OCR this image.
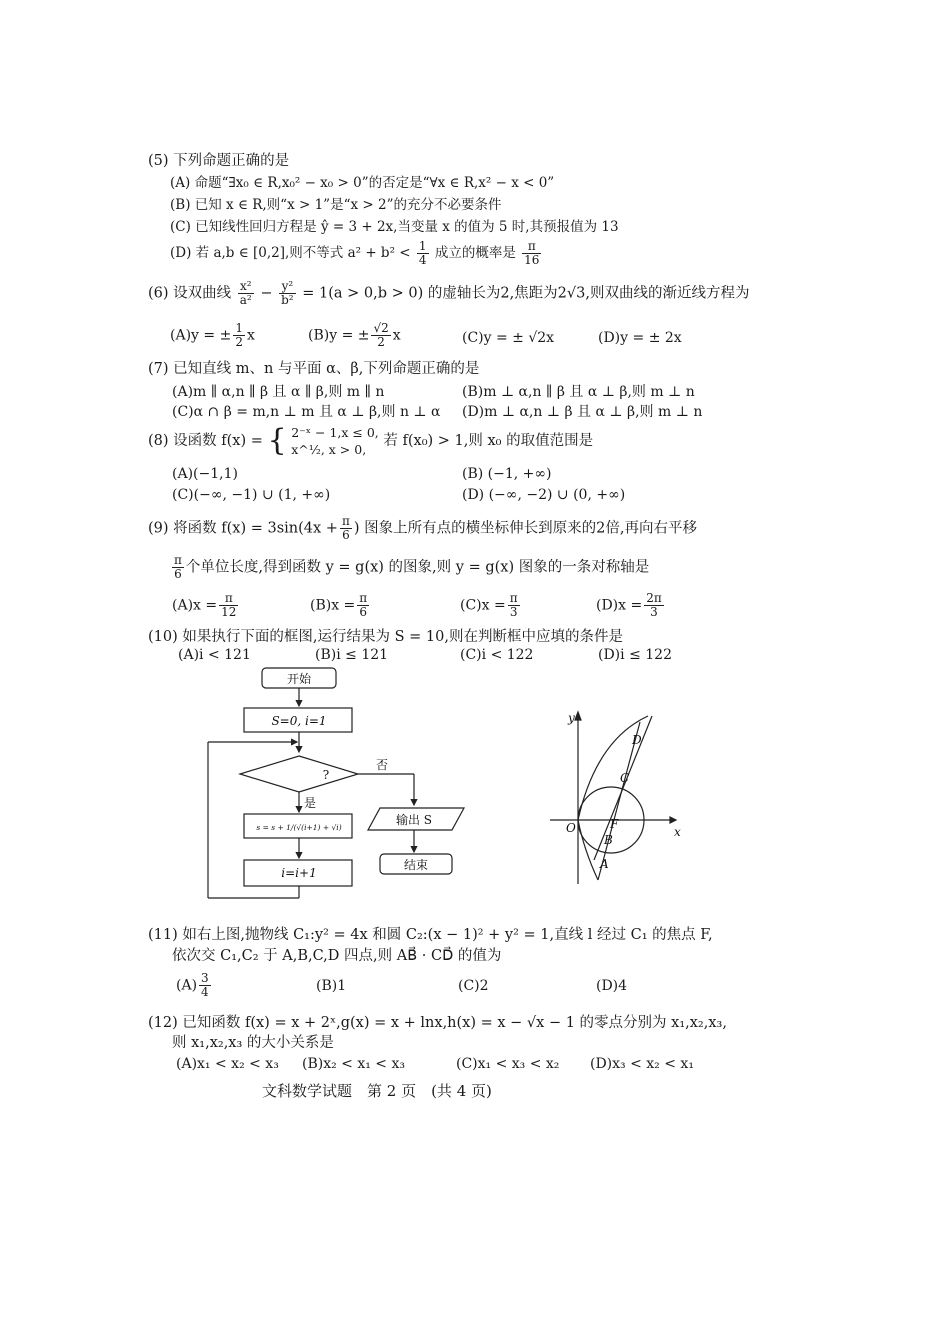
(5) 下列命题正确的是
(A) 命题“∃x₀ ∈ R,x₀² − x₀ > 0”的否定是“∀x ∈ R,x² − x < 0”
(B) 已知 x ∈ R,则“x > 1”是“x > 2”的充分不必要条件
(C) 已知线性回归方程是 ŷ = 3 + 2x,当变量 x 的值为 5 时,其预报值为 13
(D) 若 a,b ∈ [0,2],则不等式 $a^2 + b^2 < \frac{1}{4}$ 成立的概率是 $\frac{\pi}{16}$
(6) 设双曲线 $\frac{\text{x²}}{\text{a²}} - \frac{\text{y²}}{\text{b²}} = 1(a > 0,b > 0)$ 的虚轴长为2,焦距为2√3,则双曲线的渐近线方程为
(A)y = ± $\frac{1}{2}$ x	(B)y = ± $\frac{√2}{2}$ x	(C)y = ± √2x	(D)y = ± 2x
(7) 已知直线 m、n 与平面 α、β,下列命题正确的是
(A)m ∥ α,n ∥ β 且 α ∥ β,则 m ∥ n	(B)m ⊥ α,n ∥ β 且 α ⊥ β,则 m ⊥ n
(C)α ∩ β = m,n ⊥ m 且 α ⊥ β,则 n ⊥ α (D)m ⊥ α,n ⊥ β 且 α ⊥ β,则 m ⊥ n
(8) 设函数 f(x) = { 2⁻ˣ − 1,x ≤ 0,
x^½, x > 0,
若 f(x₀) > 1,则 x₀ 的取值范围是
(A)(−1,1)	(B) (−1, +∞)
(C)(−∞, −1) ∪ (1, +∞)	(D) (−∞, −2) ∪ (0, +∞)
(9) 将函数 $f(x) = 3\sin(4x + \frac{\pi}{6}$ ) 图象上所有点的横坐标伸长到原来的2倍,再向右平移
$\frac{\pi}{6}$ 个单位长度,得到函数 y = g(x) 的图象,则 y = g(x) 图象的一条对称轴是
$(A)x = \frac{\pi}{12}$	$(B)x = \frac{\pi}{6}$	$(C)x = \frac{\pi}{3}$	$(D)x = \frac{2\pi}{3}$
(10) 如果执行下面的框图,运行结果为 S = 10,则在判断框中应填的条件是
(A)i < 121	(B)i ≤ 121	(C)i < 122	(D)i ≤ 122
开始
S=0, i=1
?
否
是
s = s + 1/(√(i+1) + √i)
输出 S
结束
i=i+1
y
x
O
A
B
C
D
F
(11) 如右上图,抛物线 C₁:y² = 4x 和圆 C₂:(x − 1)² + y² = 1,直线 l 经过 C₁ 的焦点 F,
依次交 C₁,C₂ 于 A,B,C,D 四点,则 AB⃗ · CD⃗ 的值为
$(A) \frac{3}{4}$	(B)1	(C)2	(D)4
(12) 已知函数 f(x) = x + 2ˣ,g(x) = x + lnx,h(x) = x − √x − 1 的零点分别为 x₁,x₂,x₃,
则 x₁,x₂,x₃ 的大小关系是
(A)x₁ < x₂ < x₃ (B)x₂ < x₁ < x₃	(C)x₁ < x₃ < x₂ (D)x₃ < x₂ < x₁
文科数学试题　第 2 页　(共 4 页)
